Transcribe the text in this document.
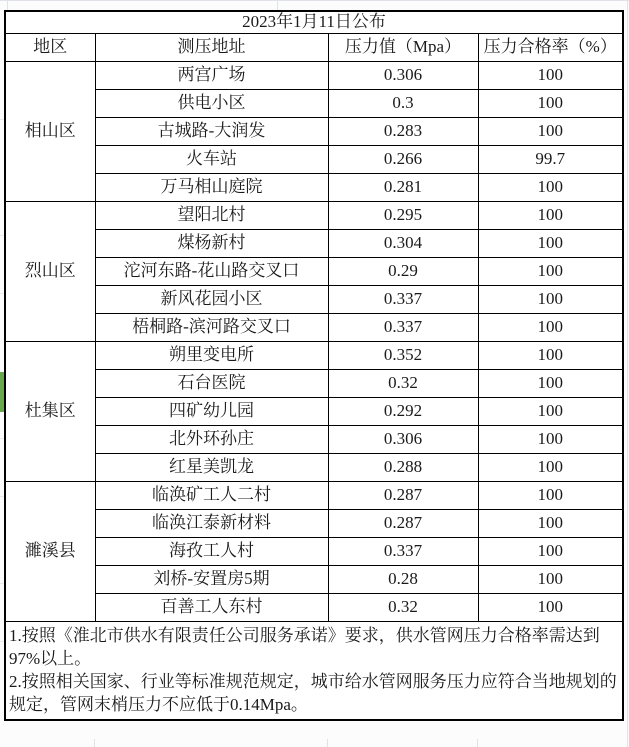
2023年1月11日公布			
地区	测压地址	压力值（Mpa）	压力合格率（%）
相山区	两宫广场	0.306	100
	供电小区	0.3	100
	古城路-大润发	0.283	100
	火车站	0.266	99.7
	万马相山庭院	0.281	100
烈山区	望阳北村	0.295	100
	煤杨新村	0.304	100
	沱河东路-花山路交叉口	0.29	100
	新风花园小区	0.337	100
	梧桐路-滨河路交叉口	0.337	100
杜集区	朔里变电所	0.352	100
	石台医院	0.32	100
	四矿幼儿园	0.292	100
	北外环孙庄	0.306	100
	红星美凯龙	0.288	100
濉溪县	临涣矿工人二村	0.287	100
	临涣江泰新材料	0.287	100
	海孜工人村	0.337	100
	刘桥-安置房5期	0.28	100
	百善工人东村	0.32	100

1.按照《淮北市供水有限责任公司服务承诺》要求，供水管网压力合格率需达到97%以上。

2.按照相关国家、行业等标准规范规定，城市给水管网服务压力应符合当地规划的规定，管网末梢压力不应低于0.14Mpa。			
